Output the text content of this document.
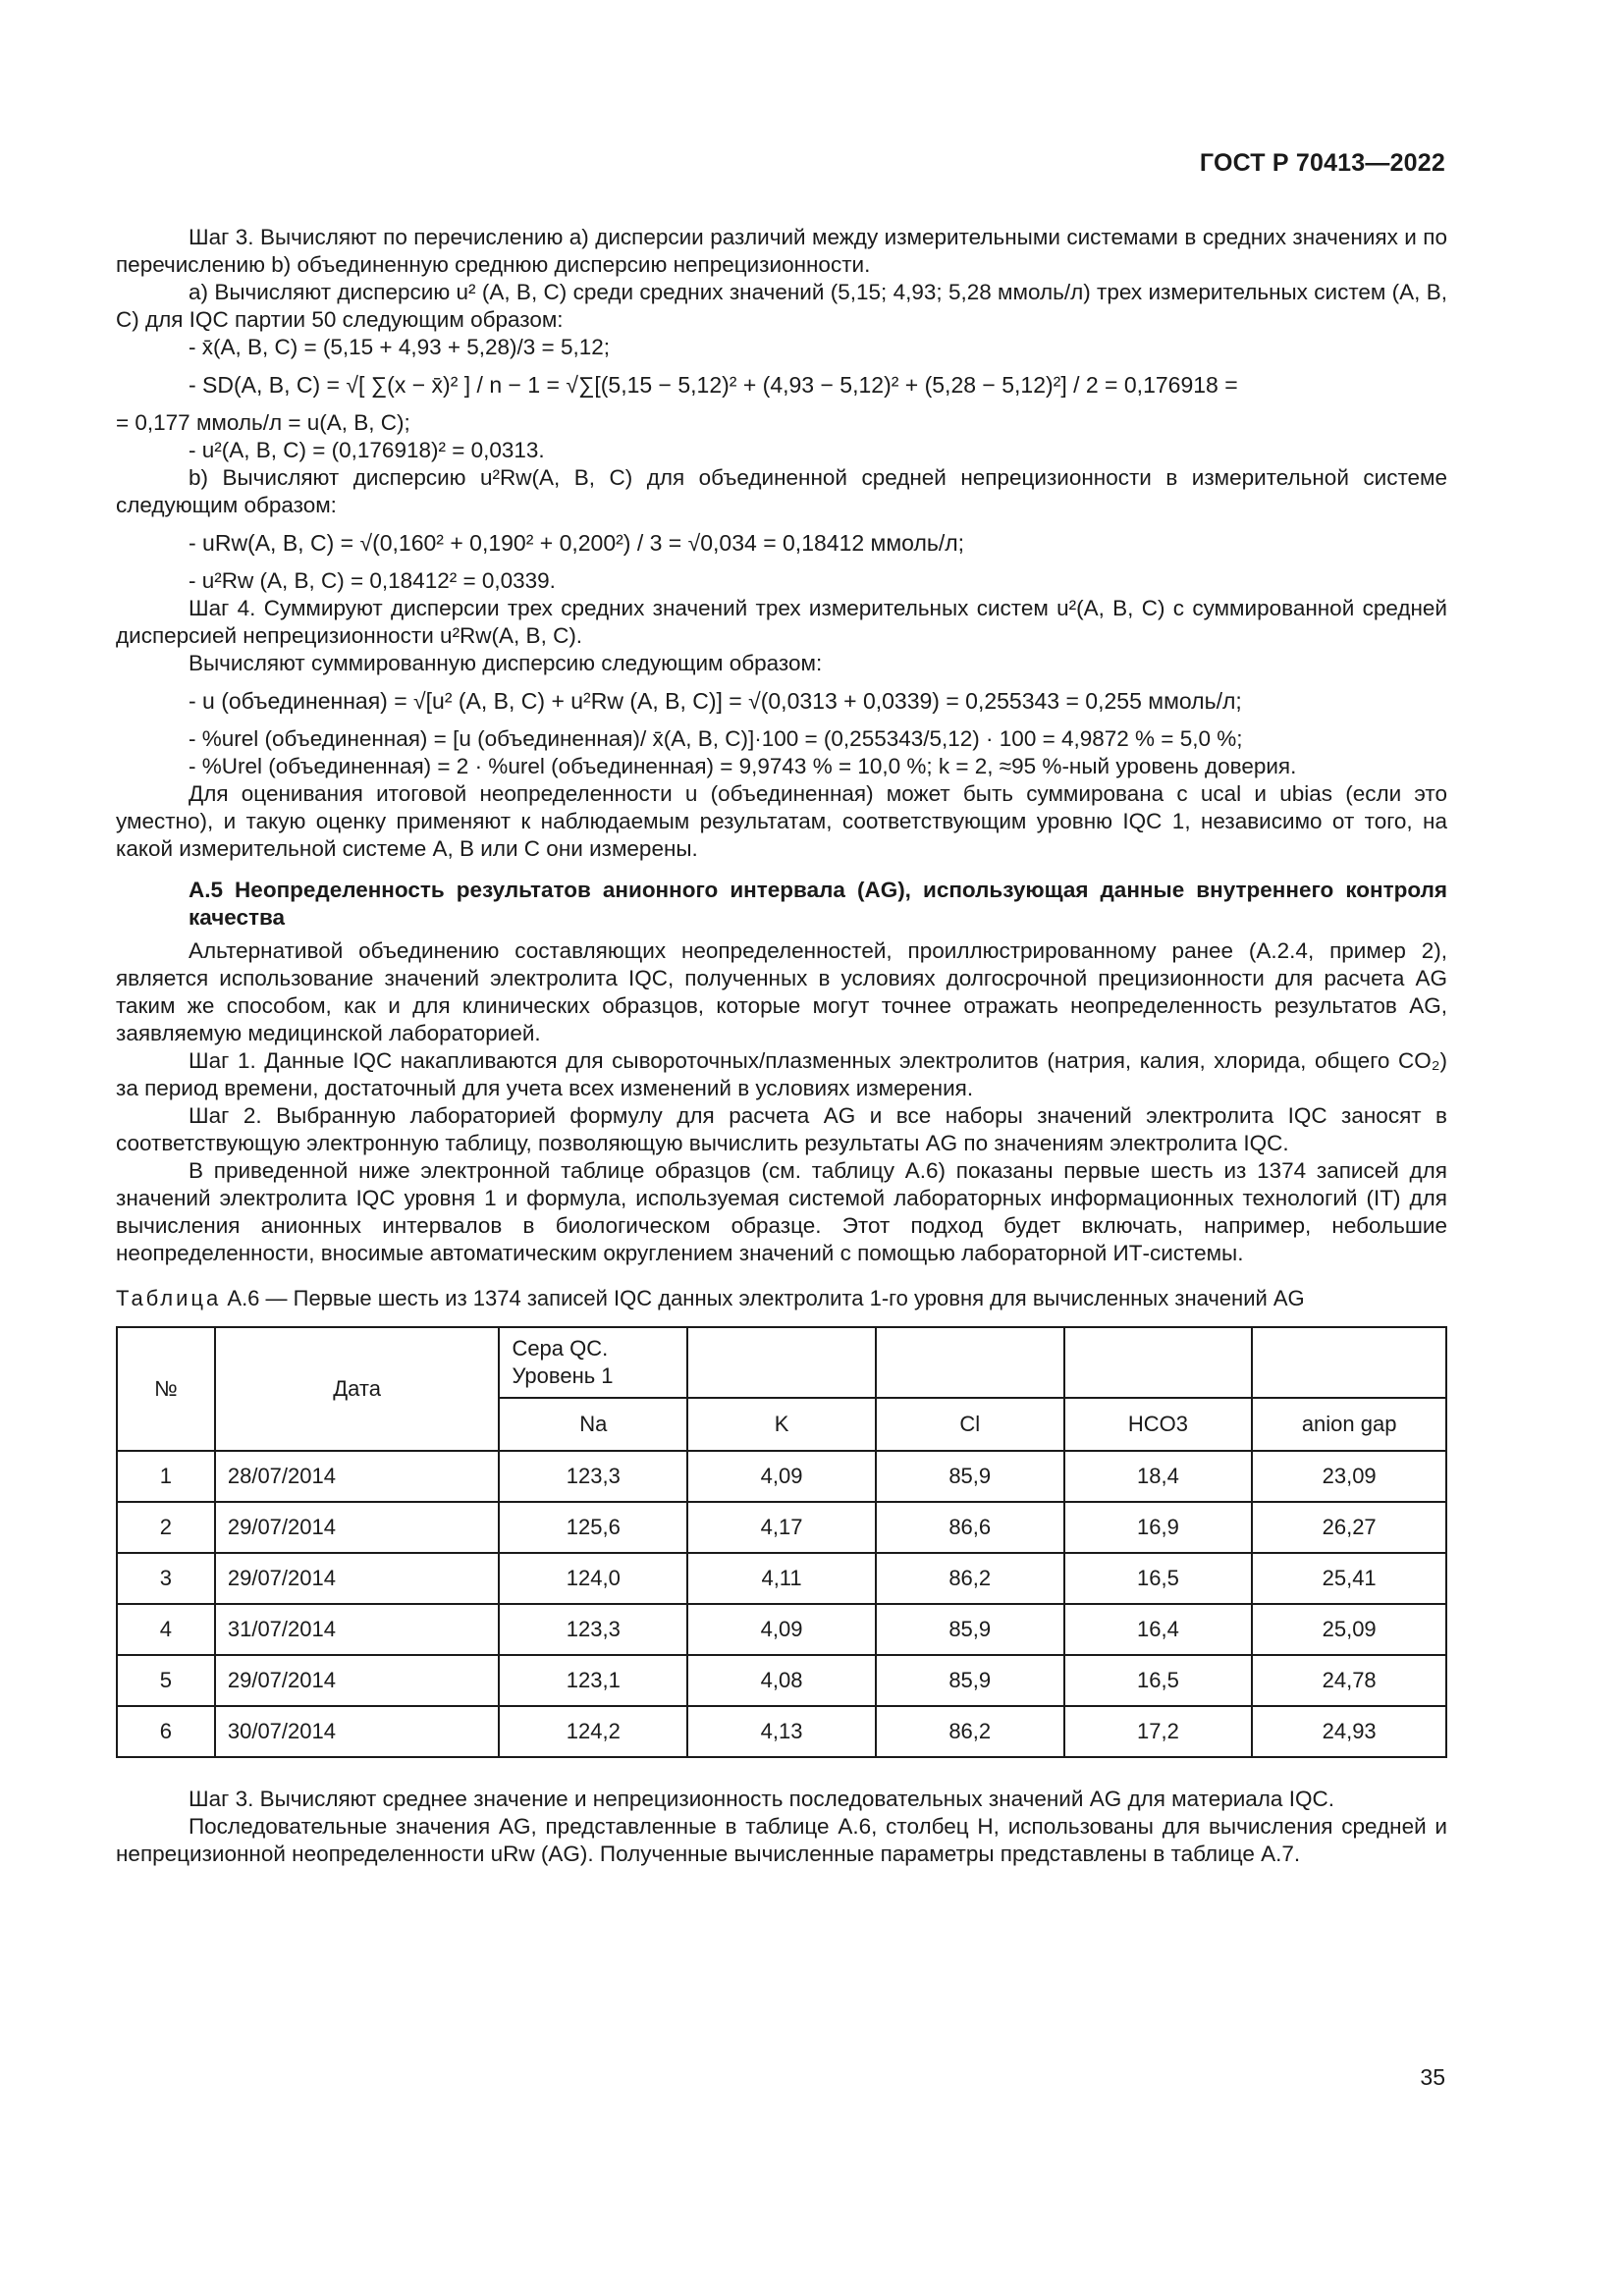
ГОСТ Р 70413—2022

Шаг 3. Вычисляют по перечислению а) дисперсии различий между измерительными системами в средних значениях и по перечислению b) объединенную среднюю дисперсию непрецизионности.

а) Вычисляют дисперсию u² (A, B, C) среди средних значений (5,15; 4,93; 5,28 ммоль/л) трех измерительных систем (А, В, С) для IQC партии 50 следующим образом:

- x̄(A, B, C) = (5,15 + 4,93 + 5,28)/3 = 5,12;

- SD(A, B, C) = √[ ∑(x − x̄)² ] / n − 1 = √∑[(5,15 − 5,12)² + (4,93 − 5,12)² + (5,28 − 5,12)²] / 2 = 0,176918 =

= 0,177 ммоль/л = u(A, B, C);

- u²(A, B, C) = (0,176918)² = 0,0313.

b) Вычисляют дисперсию u²Rw(A, B, C) для объединенной средней непрецизионности в измерительной системе следующим образом:

- uRw(A, B, C) = √(0,160² + 0,190² + 0,200²) / 3 = √0,034 = 0,18412 ммоль/л;

- u²Rw (A, B, C) = 0,18412² = 0,0339.

Шаг 4. Суммируют дисперсии трех средних значений трех измерительных систем u²(A, B, C) с суммированной средней дисперсией непрецизионности u²Rw(A, B, C).

Вычисляют суммированную дисперсию следующим образом:

- u (объединенная) = √[u² (A, B, C) + u²Rw (A, B, C)] = √(0,0313 + 0,0339) = 0,255343 = 0,255 ммоль/л;

- %urel (объединенная) = [u (объединенная)/ x̄(A, B, C)]·100 = (0,255343/5,12) · 100 = 4,9872 % = 5,0 %;

- %Urel (объединенная) = 2 · %urel (объединенная) = 9,9743 % = 10,0 %; k = 2, ≈95 %-ный уровень доверия.

Для оценивания итоговой неопределенности u (объединенная) может быть суммирована с ucal и ubias (если это уместно), и такую оценку применяют к наблюдаемым результатам, соответствующим уровню IQC 1, независимо от того, на какой измерительной системе А, В или С они измерены.

А.5 Неопределенность результатов анионного интервала (AG), использующая данные внутреннего контроля качества

Альтернативой объединению составляющих неопределенностей, проиллюстрированному ранее (А.2.4, пример 2), является использование значений электролита IQC, полученных в условиях долгосрочной прецизионности для расчета AG таким же способом, как и для клинических образцов, которые могут точнее отражать неопределенность результатов AG, заявляемую медицинской лабораторией.

Шаг 1. Данные IQC накапливаются для сывороточных/плазменных электролитов (натрия, калия, хлорида, общего CO₂) за период времени, достаточный для учета всех изменений в условиях измерения.

Шаг 2. Выбранную лабораторией формулу для расчета AG и все наборы значений электролита IQC заносят в соответствующую электронную таблицу, позволяющую вычислить результаты AG по значениям электролита IQC.

В приведенной ниже электронной таблице образцов (см. таблицу А.6) показаны первые шесть из 1374 записей для значений электролита IQC уровня 1 и формула, используемая системой лабораторных информационных технологий (IT) для вычисления анионных интервалов в биологическом образце. Этот подход будет включать, например, небольшие неопределенности, вносимые автоматическим округлением значений с помощью лабораторной ИТ-системы.

Таблица А.6 — Первые шесть из 1374 записей IQC данных электролита 1-го уровня для вычисленных значений AG

№	Дата	Сера QC. Уровень 1				
		Na	K	Cl	HCO3	anion gap
1	28/07/2014	123,3	4,09	85,9	18,4	23,09
2	29/07/2014	125,6	4,17	86,6	16,9	26,27
3	29/07/2014	124,0	4,11	86,2	16,5	25,41
4	31/07/2014	123,3	4,09	85,9	16,4	25,09
5	29/07/2014	123,1	4,08	85,9	16,5	24,78
6	30/07/2014	124,2	4,13	86,2	17,2	24,93

Шаг 3. Вычисляют среднее значение и непрецизионность последовательных значений AG для материала IQC.

Последовательные значения AG, представленные в таблице А.6, столбец Н, использованы для вычисления средней и непрецизионной неопределенности uRw (AG). Полученные вычисленные параметры представлены в таблице А.7.

35
